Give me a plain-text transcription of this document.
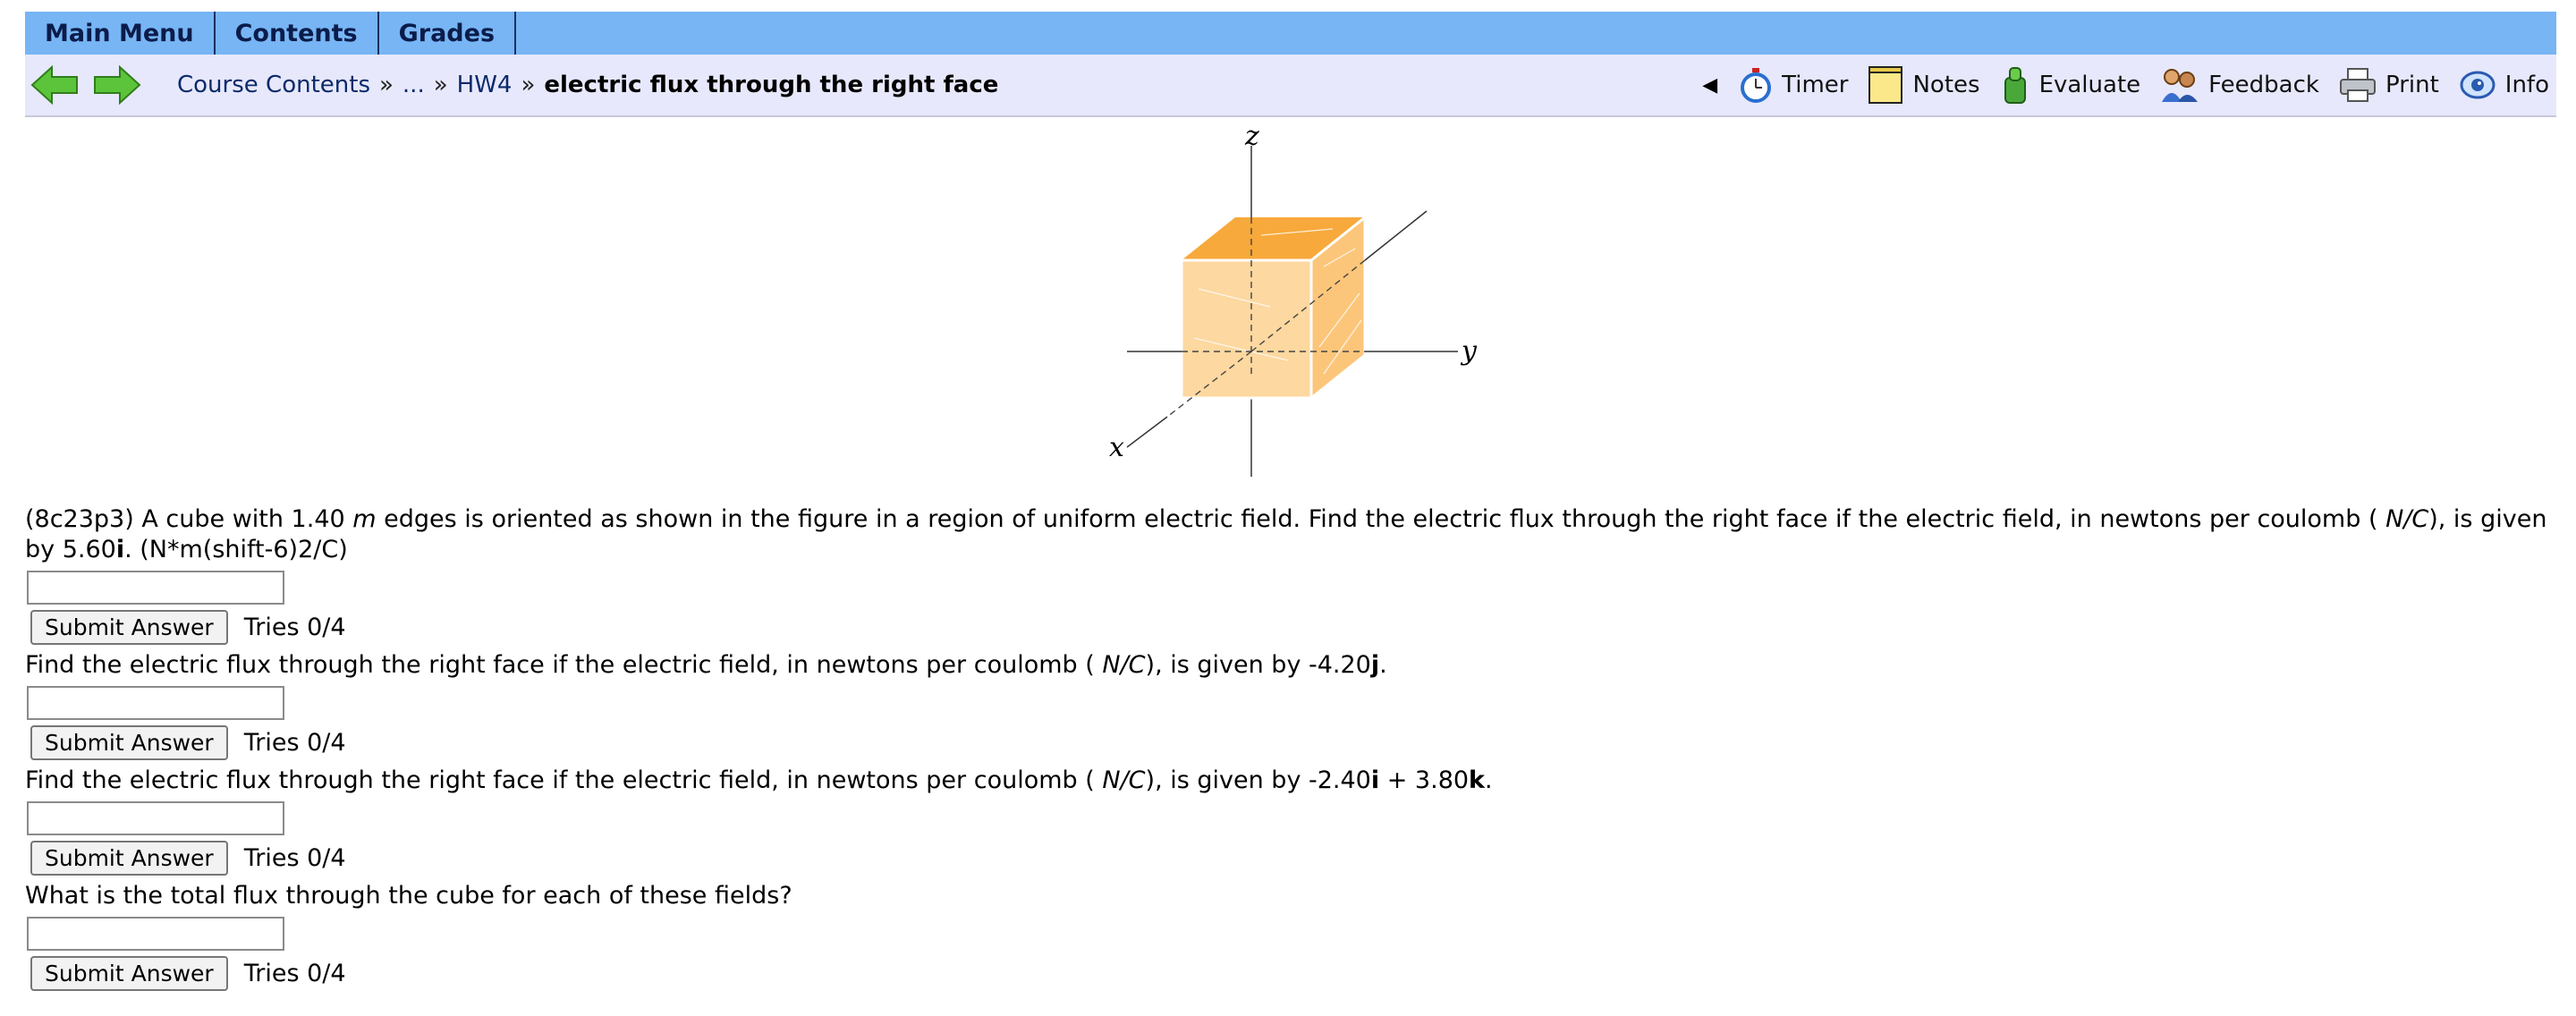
Main Menu	Contents	Grades
Course Contents » ... » HW4 » electric flux through the right face	◀	Timer	Notes	Evaluate	Feedback	Print	Info
z
y
x

(8c23p3) A cube with 1.40 m edges is oriented as shown in the figure in a region of uniform electric field. Find the electric flux through the right face if the electric field, in newtons per coulomb ( N/C), is given by 5.60i. (N*m(shift-6)2/C)

Submit Answer	Tries 0/4

Find the electric flux through the right face if the electric field, in newtons per coulomb ( N/C), is given by -4.20j.

Submit Answer	Tries 0/4

Find the electric flux through the right face if the electric field, in newtons per coulomb ( N/C), is given by -2.40i + 3.80k.

Submit Answer	Tries 0/4

What is the total flux through the cube for each of these fields?

Submit Answer	Tries 0/4
